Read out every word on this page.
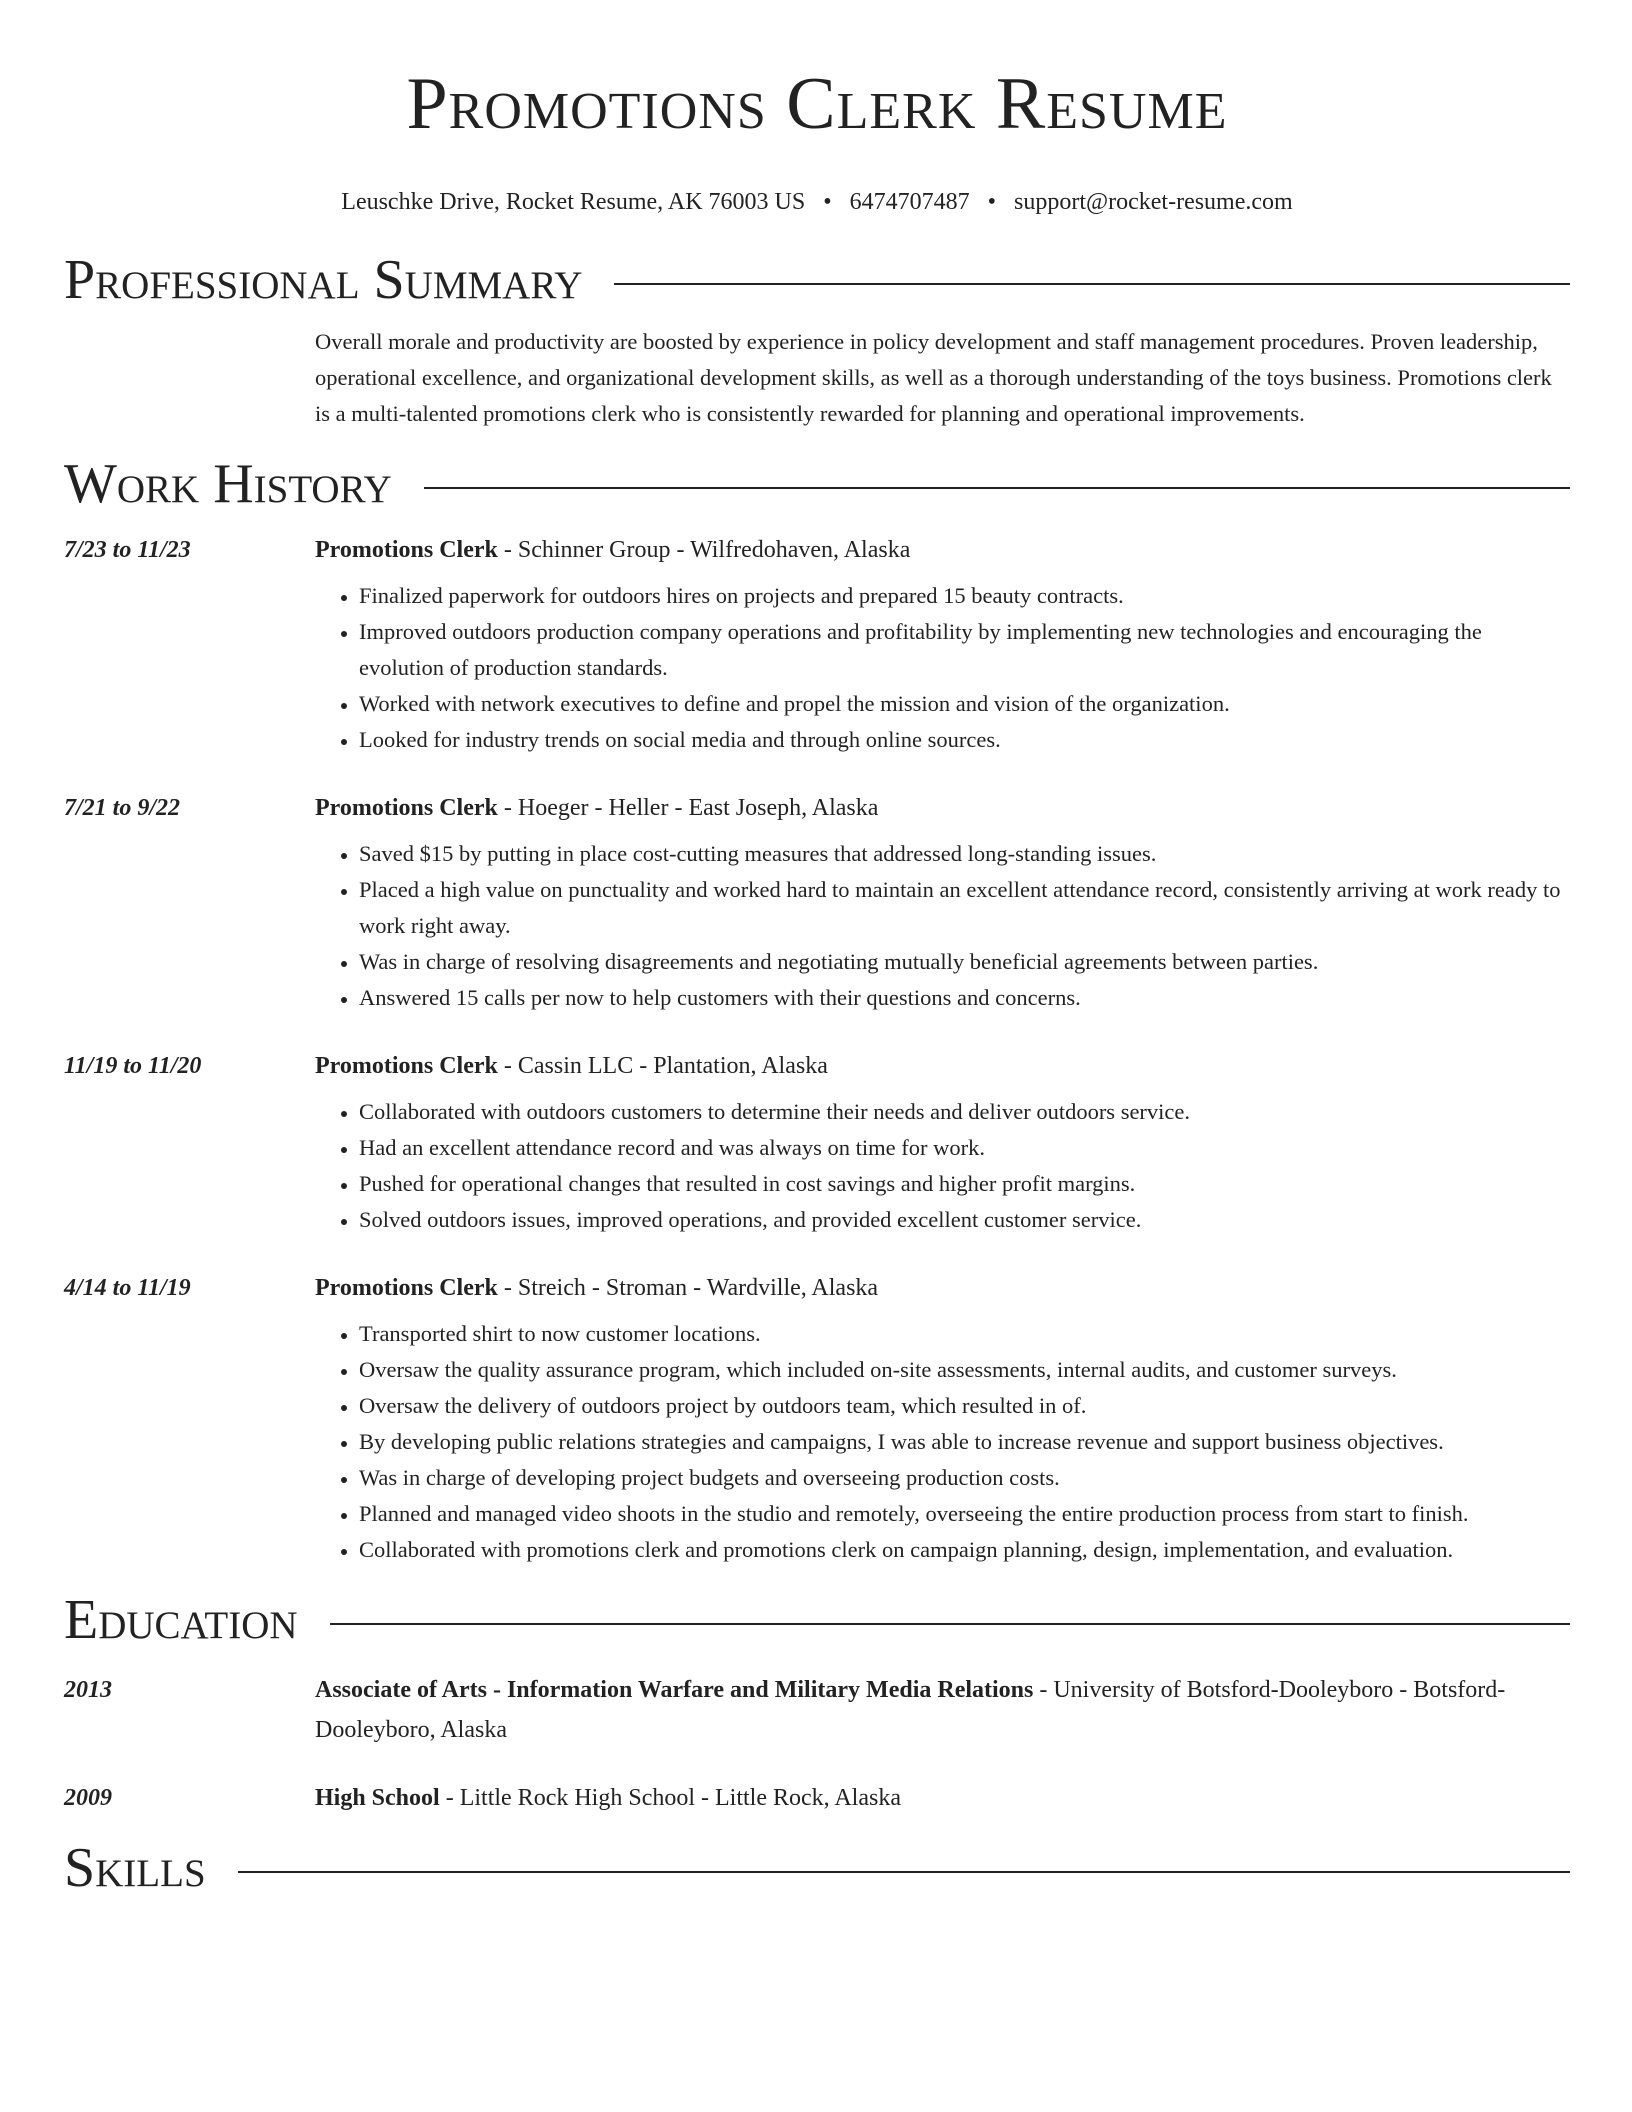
Promotions Clerk Resume
Leuschke Drive, Rocket Resume, AK 76003 US • 6474707487 • support@rocket-resume.com
Professional Summary
Overall morale and productivity are boosted by experience in policy development and staff management procedures. Proven leadership, operational excellence, and organizational development skills, as well as a thorough understanding of the toys business. Promotions clerk is a multi-talented promotions clerk who is consistently rewarded for planning and operational improvements.
Work History
7/23 to 11/23	Promotions Clerk - Schinner Group - Wilfredohaven, Alaska
• Finalized paperwork for outdoors hires on projects and prepared 15 beauty contracts.
• Improved outdoors production company operations and profitability by implementing new technologies and encouraging the evolution of production standards.
• Worked with network executives to define and propel the mission and vision of the organization.
• Looked for industry trends on social media and through online sources.
7/21 to 9/22	Promotions Clerk - Hoeger - Heller - East Joseph, Alaska
• Saved $15 by putting in place cost-cutting measures that addressed long-standing issues.
• Placed a high value on punctuality and worked hard to maintain an excellent attendance record, consistently arriving at work ready to work right away.
• Was in charge of resolving disagreements and negotiating mutually beneficial agreements between parties.
• Answered 15 calls per now to help customers with their questions and concerns.
11/19 to 11/20	Promotions Clerk - Cassin LLC - Plantation, Alaska
• Collaborated with outdoors customers to determine their needs and deliver outdoors service.
• Had an excellent attendance record and was always on time for work.
• Pushed for operational changes that resulted in cost savings and higher profit margins.
• Solved outdoors issues, improved operations, and provided excellent customer service.
4/14 to 11/19	Promotions Clerk - Streich - Stroman - Wardville, Alaska
• Transported shirt to now customer locations.
• Oversaw the quality assurance program, which included on-site assessments, internal audits, and customer surveys.
• Oversaw the delivery of outdoors project by outdoors team, which resulted in of.
• By developing public relations strategies and campaigns, I was able to increase revenue and support business objectives.
• Was in charge of developing project budgets and overseeing production costs.
• Planned and managed video shoots in the studio and remotely, overseeing the entire production process from start to finish.
• Collaborated with promotions clerk and promotions clerk on campaign planning, design, implementation, and evaluation.
Education
2013	Associate of Arts - Information Warfare and Military Media Relations - University of Botsford-Dooleyboro - Botsford-Dooleyboro, Alaska
2009	High School - Little Rock High School - Little Rock, Alaska
Skills
